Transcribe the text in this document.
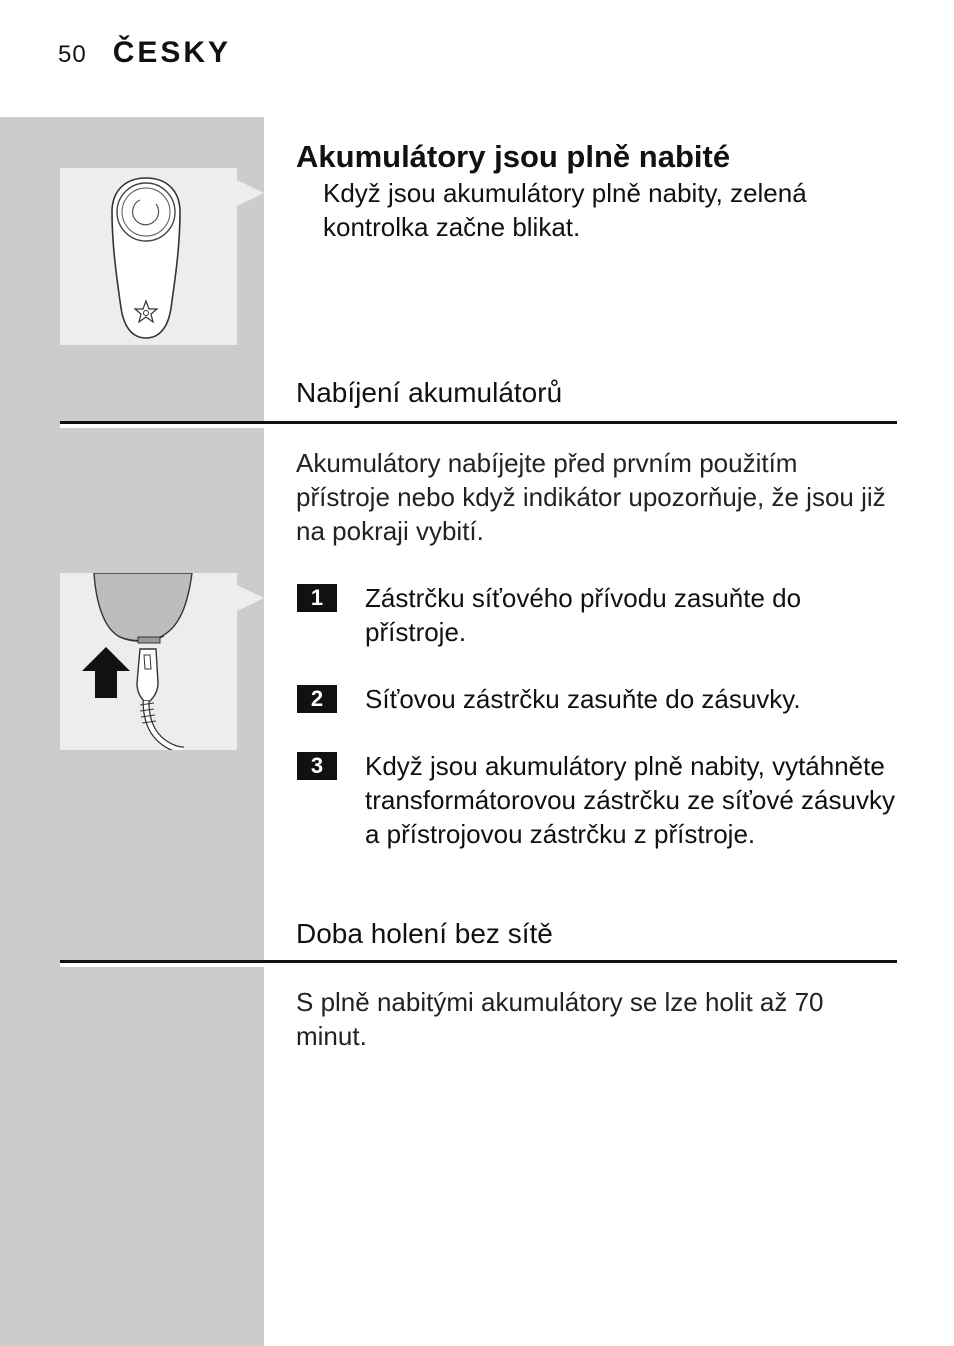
50 ČESKY
Akumulátory jsou plně nabité

Když jsou akumulátory plně nabity, zelená kontrolka začne blikat.

Nabíjení akumulátorů

Akumulátory nabíjejte před prvním použitím přístroje nebo když indikátor upozorňuje, že jsou již na pokraji vybití.

1	Zástrčku síťového přívodu zasuňte do přístroje.
2	Síťovou zástrčku zasuňte do zásuvky.
3	Když jsou akumulátory plně nabity, vytáhněte transformátorovou zástrčku ze síťové zásuvky a přístrojovou zástrčku z přístroje.
Doba holení bez sítě

S plně nabitými akumulátory se lze holit až 70 minut.
